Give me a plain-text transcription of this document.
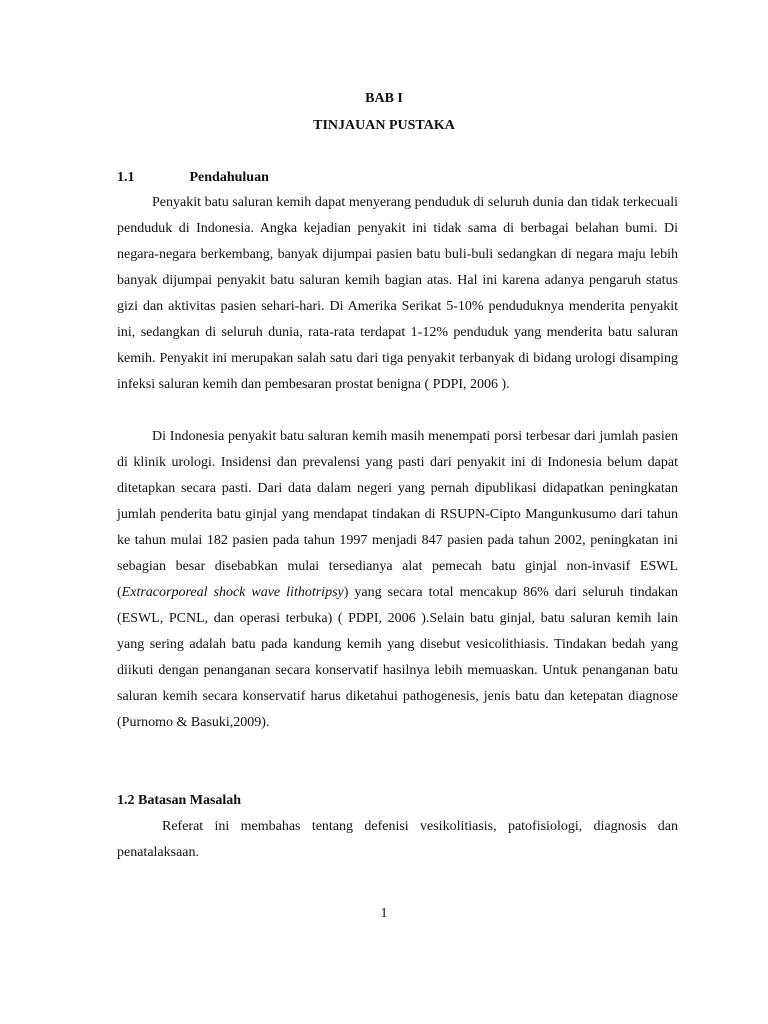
BAB I
TINJAUAN PUSTAKA
1.1	Pendahuluan

Penyakit batu saluran kemih dapat menyerang penduduk di seluruh dunia dan tidak terkecuali penduduk di Indonesia. Angka kejadian penyakit ini tidak sama di berbagai belahan bumi. Di negara-negara berkembang, banyak dijumpai pasien batu buli-buli sedangkan di negara maju lebih banyak dijumpai penyakit batu saluran kemih bagian atas. Hal ini karena adanya pengaruh status gizi dan aktivitas pasien sehari-hari. Di Amerika Serikat 5-10% penduduknya menderita penyakit ini, sedangkan di seluruh dunia, rata-rata terdapat 1-12% penduduk yang menderita batu saluran kemih. Penyakit ini merupakan salah satu dari tiga penyakit terbanyak di bidang urologi disamping infeksi saluran kemih dan pembesaran prostat benigna ( PDPI, 2006 ).

Di Indonesia penyakit batu saluran kemih masih menempati porsi terbesar dari jumlah pasien di klinik urologi. Insidensi dan prevalensi yang pasti dari penyakit ini di Indonesia belum dapat ditetapkan secara pasti. Dari data dalam negeri yang pernah dipublikasi didapatkan peningkatan jumlah penderita batu ginjal yang mendapat tindakan di RSUPN-Cipto Mangunkusumo dari tahun ke tahun mulai 182 pasien pada tahun 1997 menjadi 847 pasien pada tahun 2002, peningkatan ini sebagian besar disebabkan mulai tersedianya alat pemecah batu ginjal non-invasif ESWL (Extracorporeal shock wave lithotripsy) yang secara total mencakup 86% dari seluruh tindakan (ESWL, PCNL, dan operasi terbuka) ( PDPI, 2006 ).Selain batu ginjal, batu saluran kemih lain yang sering adalah batu pada kandung kemih yang disebut vesicolithiasis. Tindakan bedah yang diikuti dengan penanganan secara konservatif hasilnya lebih memuaskan. Untuk penanganan batu saluran kemih secara konservatif harus diketahui pathogenesis, jenis batu dan ketepatan diagnose (Purnomo & Basuki,2009).

1.2 Batasan Masalah

Referat ini membahas tentang defenisi vesikolitiasis, patofisiologi, diagnosis dan penatalaksaan.

1
